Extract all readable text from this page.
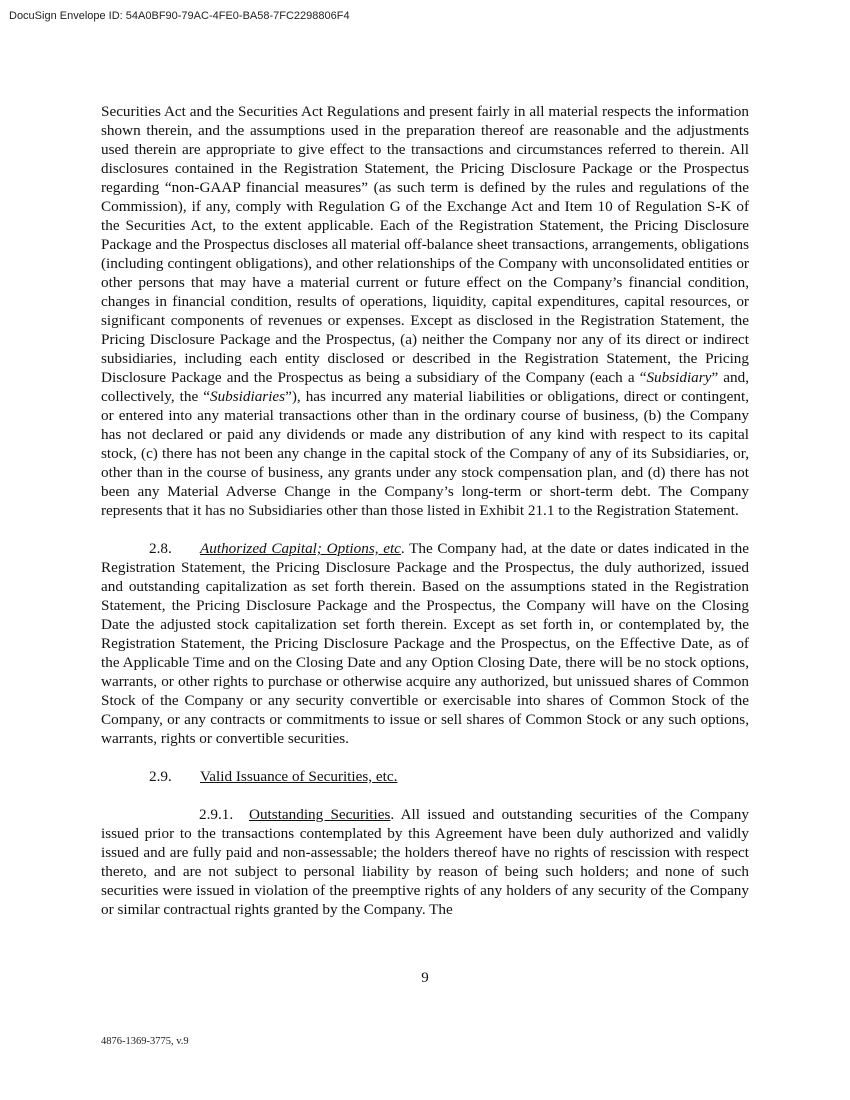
DocuSign Envelope ID: 54A0BF90-79AC-4FE0-BA58-7FC2298806F4

Securities Act and the Securities Act Regulations and present fairly in all material respects the information shown therein, and the assumptions used in the preparation thereof are reasonable and the adjustments used therein are appropriate to give effect to the transactions and circumstances referred to therein. All disclosures contained in the Registration Statement, the Pricing Disclosure Package or the Prospectus regarding “non-GAAP financial measures” (as such term is defined by the rules and regulations of the Commission), if any, comply with Regulation G of the Exchange Act and Item 10 of Regulation S-K of the Securities Act, to the extent applicable. Each of the Registration Statement, the Pricing Disclosure Package and the Prospectus discloses all material off-balance sheet transactions, arrangements, obligations (including contingent obligations), and other relationships of the Company with unconsolidated entities or other persons that may have a material current or future effect on the Company’s financial condition, changes in financial condition, results of operations, liquidity, capital expenditures, capital resources, or significant components of revenues or expenses. Except as disclosed in the Registration Statement, the Pricing Disclosure Package and the Prospectus, (a) neither the Company nor any of its direct or indirect subsidiaries, including each entity disclosed or described in the Registration Statement, the Pricing Disclosure Package and the Prospectus as being a subsidiary of the Company (each a “Subsidiary” and, collectively, the “Subsidiaries”), has incurred any material liabilities or obligations, direct or contingent, or entered into any material transactions other than in the ordinary course of business, (b) the Company has not declared or paid any dividends or made any distribution of any kind with respect to its capital stock, (c) there has not been any change in the capital stock of the Company of any of its Subsidiaries, or, other than in the course of business, any grants under any stock compensation plan, and (d) there has not been any Material Adverse Change in the Company’s long-term or short-term debt. The Company represents that it has no Subsidiaries other than those listed in Exhibit 21.1 to the Registration Statement.

2.8. Authorized Capital; Options, etc. The Company had, at the date or dates indicated in the Registration Statement, the Pricing Disclosure Package and the Prospectus, the duly authorized, issued and outstanding capitalization as set forth therein. Based on the assumptions stated in the Registration Statement, the Pricing Disclosure Package and the Prospectus, the Company will have on the Closing Date the adjusted stock capitalization set forth therein. Except as set forth in, or contemplated by, the Registration Statement, the Pricing Disclosure Package and the Prospectus, on the Effective Date, as of the Applicable Time and on the Closing Date and any Option Closing Date, there will be no stock options, warrants, or other rights to purchase or otherwise acquire any authorized, but unissued shares of Common Stock of the Company or any security convertible or exercisable into shares of Common Stock of the Company, or any contracts or commitments to issue or sell shares of Common Stock or any such options, warrants, rights or convertible securities.

2.9. Valid Issuance of Securities, etc.

2.9.1. Outstanding Securities. All issued and outstanding securities of the Company issued prior to the transactions contemplated by this Agreement have been duly authorized and validly issued and are fully paid and non-assessable; the holders thereof have no rights of rescission with respect thereto, and are not subject to personal liability by reason of being such holders; and none of such securities were issued in violation of the preemptive rights of any holders of any security of the Company or similar contractual rights granted by the Company. The

9
4876-1369-3775, v.9
